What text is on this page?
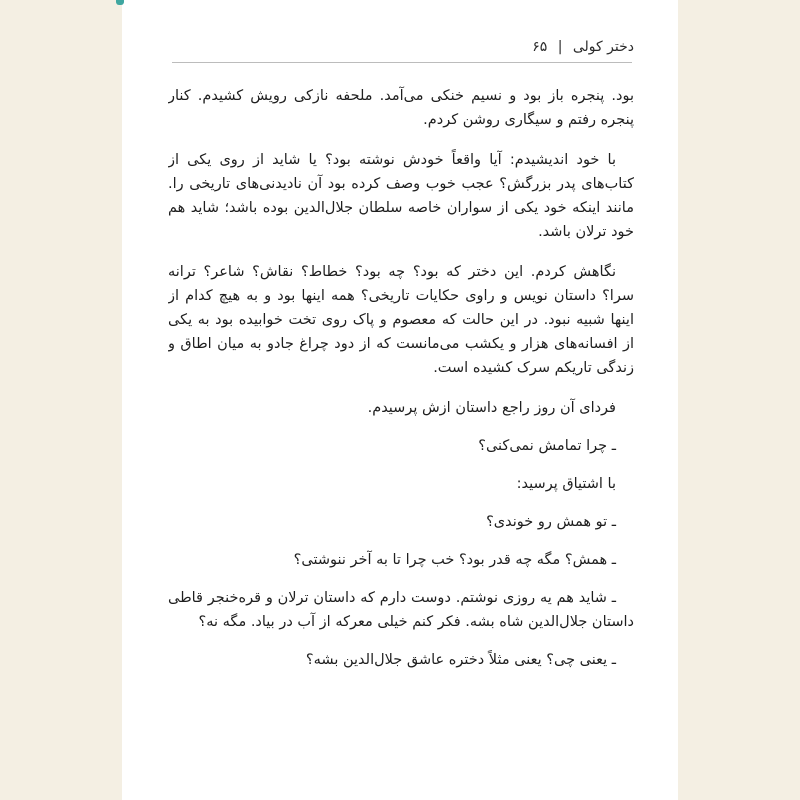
دختر کولی | ۶۵

بود. پنجره باز بود و نسیم خنکی می‌آمد. ملحفه نازکی رویش کشیدم. کنار پنجره رفتم و سیگاری روشن کردم.

با خود اندیشیدم: آیا واقعاً خودش نوشته بود؟ یا شاید از روی یکی از کتاب‌های پدر بزرگش؟ عجب خوب وصف کرده بود آن نادیدنی‌های تاریخی را. مانند اینکه خود یکی از سواران خاصه سلطان جلال‌الدین بوده باشد؛ شاید هم خود ترلان باشد.

نگاهش کردم. این دختر که بود؟ چه بود؟ خطاط؟ نقاش؟ شاعر؟ ترانه سرا؟ داستان نویس و راوی حکایات تاریخی؟ همه اینها بود و به هیچ کدام از اینها شبیه نبود. در این حالت که معصوم و پاک روی تخت خوابیده بود به یکی از افسانه‌های هزار و یکشب می‌مانست که از دود چراغ جادو به میان اطاق و زندگی تاریکم سرک کشیده است.

فردای آن روز راجع داستان ازش پرسیدم.

ـ چرا تمامش نمی‌کنی؟

با اشتیاق پرسید:

ـ تو همش رو خوندی؟

ـ همش؟ مگه چه قدر بود؟ خب چرا تا به آخر ننوشتی؟

ـ شاید هم یه روزی نوشتم. دوست دارم که داستان ترلان و قره‌خنجر قاطی داستان جلال‌الدین شاه بشه. فکر کنم خیلی معرکه از آب در بیاد. مگه نه؟

ـ یعنی چی؟ یعنی مثلاً دختره عاشق جلال‌الدین بشه؟
